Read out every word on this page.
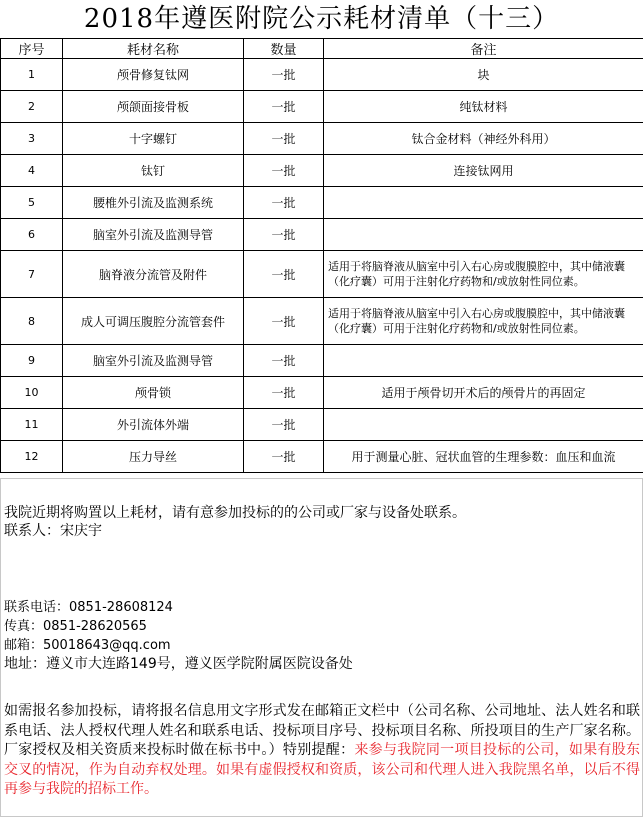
2018年遵医附院公示耗材清单（十三）
序号	耗材名称	数量	备注
1	颅骨修复钛网	一批	块
2	颅颌面接骨板	一批	纯钛材料
3	十字螺钉	一批	钛合金材料（神经外科用）
4	钛钉	一批	连接钛网用
5	腰椎外引流及监测系统	一批	
6	脑室外引流及监测导管	一批	
7	脑脊液分流管及附件	一批	适用于将脑脊液从脑室中引入右心房或腹膜腔中，其中储液囊（化疗囊）可用于注射化疗药物和/或放射性同位素。
8	成人可调压腹腔分流管套件	一批	适用于将脑脊液从脑室中引入右心房或腹膜腔中，其中储液囊（化疗囊）可用于注射化疗药物和/或放射性同位素。
9	脑室外引流及监测导管	一批	
10	颅骨锁	一批	适用于颅骨切开术后的颅骨片的再固定
11	外引流体外端	一批	
12	压力导丝	一批	用于测量心脏、冠状血管的生理参数：血压和血流
我院近期将购置以上耗材，请有意参加投标的的公司或厂家与设备处联系。
联系人：宋庆宇
联系电话：0851-28608124
传真：0851-28620565
邮箱：50018643@qq.com
地址：遵义市大连路149号，遵义医学院附属医院设备处
如需报名参加投标，请将报名信息用文字形式发在邮箱正文栏中（公司名称、公司地址、法人姓名和联系电话、法人授权代理人姓名和联系电话、投标项目序号、投标项目名称、所投项目的生产厂家名称。厂家授权及相关资质来投标时做在标书中。）特别提醒：来参与我院同一项目投标的公司，如果有股东交叉的情况，作为自动弃权处理。如果有虚假授权和资质，该公司和代理人进入我院黑名单，以后不得再参与我院的招标工作。
